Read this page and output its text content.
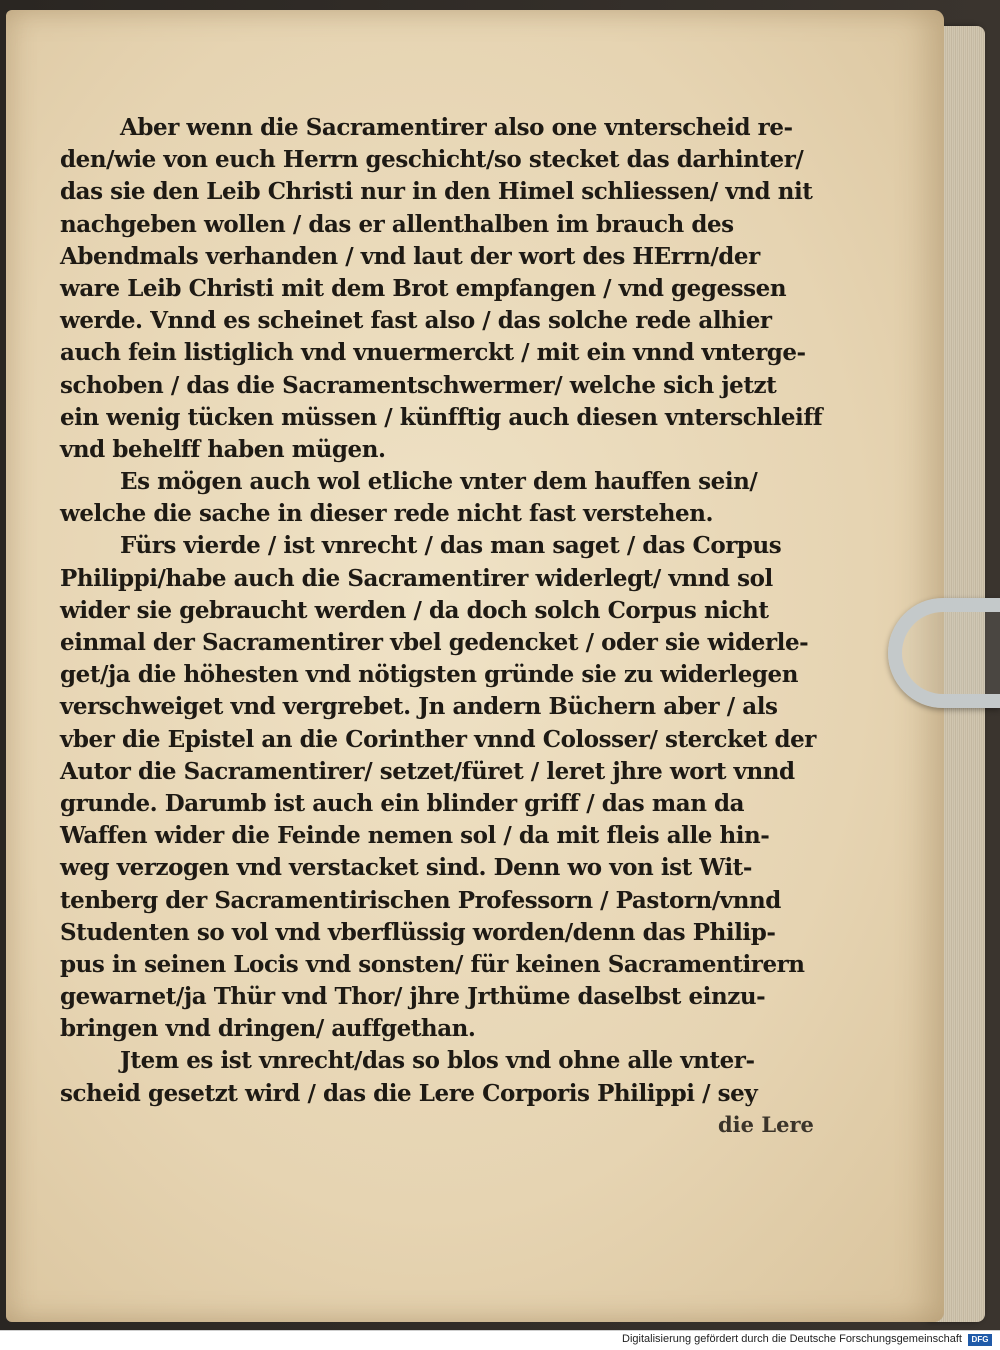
Aber wenn die Sacramentirer also one vnterscheid re-
den/wie von euch Herrn geschicht/so stecket das darhinter/
das sie den Leib Christi nur in den Himel schliessen/ vnd nit
nachgeben wollen / das er allenthalben im brauch des
Abendmals verhanden / vnd laut der wort des HErrn/der
ware Leib Christi mit dem Brot empfangen / vnd gegessen
werde. Vnnd es scheinet fast also / das solche rede alhier
auch fein listiglich vnd vnuermerckt / mit ein vnnd vnterge-
schoben / das die Sacramentschwermer/ welche sich jetzt
ein wenig tücken müssen / künfftig auch diesen vnterschleiff
vnd behelff haben mügen.
Es mögen auch wol etliche vnter dem hauffen sein/
welche die sache in dieser rede nicht fast verstehen.
Fürs vierde / ist vnrecht / das man saget / das Corpus
Philippi/habe auch die Sacramentirer widerlegt/ vnnd sol
wider sie gebraucht werden / da doch solch Corpus nicht
einmal der Sacramentirer vbel gedencket / oder sie widerle-
get/ja die höhesten vnd nötigsten gründe sie zu widerlegen
verschweiget vnd vergrebet. Jn andern Büchern aber / als
vber die Epistel an die Corinther vnnd Colosser/ stercket der
Autor die Sacramentirer/ setzet/füret / leret jhre wort vnnd
grunde. Darumb ist auch ein blinder griff / das man da
Waffen wider die Feinde nemen sol / da mit fleis alle hin-
weg verzogen vnd verstacket sind. Denn wo von ist Wit-
tenberg der Sacramentirischen Professorn / Pastorn/vnnd
Studenten so vol vnd vberflüssig worden/denn das Philip-
pus in seinen Locis vnd sonsten/ für keinen Sacramentirern
gewarnet/ja Thür vnd Thor/ jhre Jrthüme daselbst einzu-
bringen vnd dringen/ auffgethan.
Jtem es ist vnrecht/das so blos vnd ohne alle vnter-
scheid gesetzt wird / das die Lere Corporis Philippi / sey
die Lere
Digitalisierung gefördert durch die Deutsche Forschungsgemeinschaft	DFG
